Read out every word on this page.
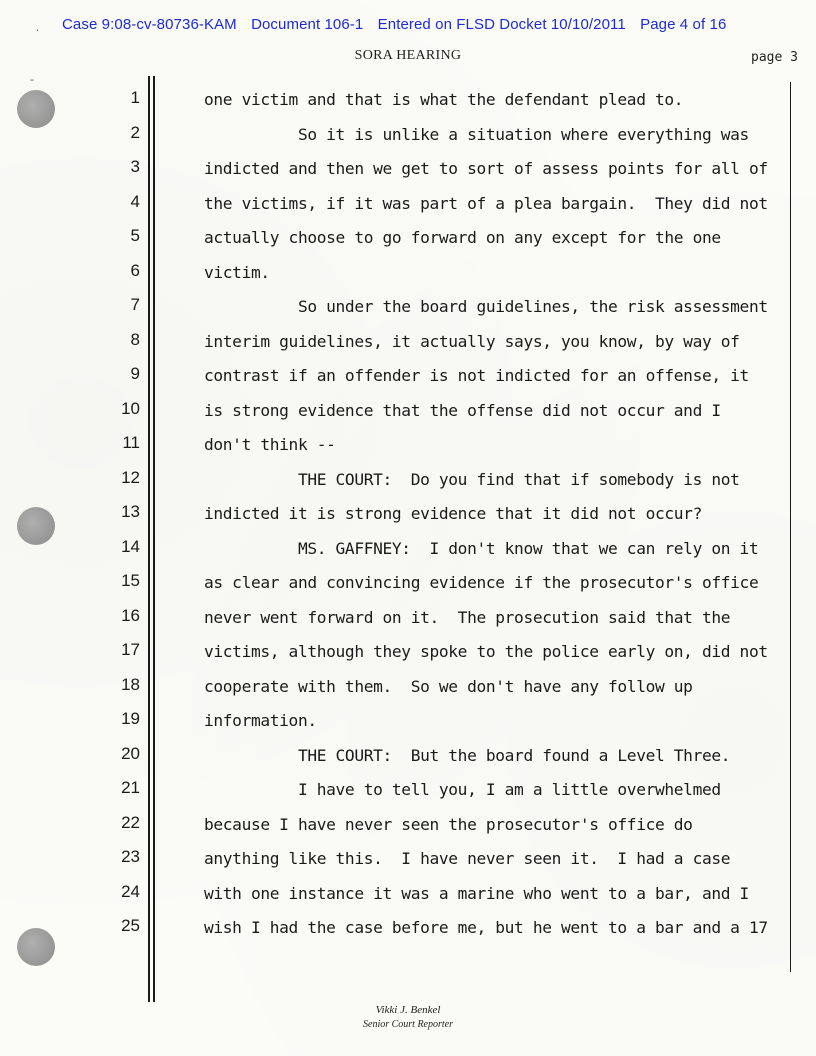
.
-
Case 9:08-cv-80736-KAM Document 106-1 Entered on FLSD Docket 10/10/2011 Page 4 of 16
SORA HEARING	page 3
1	one victim and that is what the defendant plead to.
2	So it is unlike a situation where everything was
3	indicted and then we get to sort of assess points for all of
4	the victims, if it was part of a plea bargain.  They did not
5	actually choose to go forward on any except for the one
6	victim.
7	So under the board guidelines, the risk assessment
8	interim guidelines, it actually says, you know, by way of
9	contrast if an offender is not indicted for an offense, it
10	is strong evidence that the offense did not occur and I
11	don't think --
12	THE COURT:  Do you find that if somebody is not
13	indicted it is strong evidence that it did not occur?
14	MS. GAFFNEY:  I don't know that we can rely on it
15	as clear and convincing evidence if the prosecutor's office
16	never went forward on it.  The prosecution said that the
17	victims, although they spoke to the police early on, did not
18	cooperate with them.  So we don't have any follow up
19	information.
20	THE COURT:  But the board found a Level Three.
21	I have to tell you, I am a little overwhelmed
22	because I have never seen the prosecutor's office do
23	anything like this.  I have never seen it.  I had a case
24	with one instance it was a marine who went to a bar, and I
25	wish I had the case before me, but he went to a bar and a 17
Vikki J. Benkel
Senior Court Reporter
